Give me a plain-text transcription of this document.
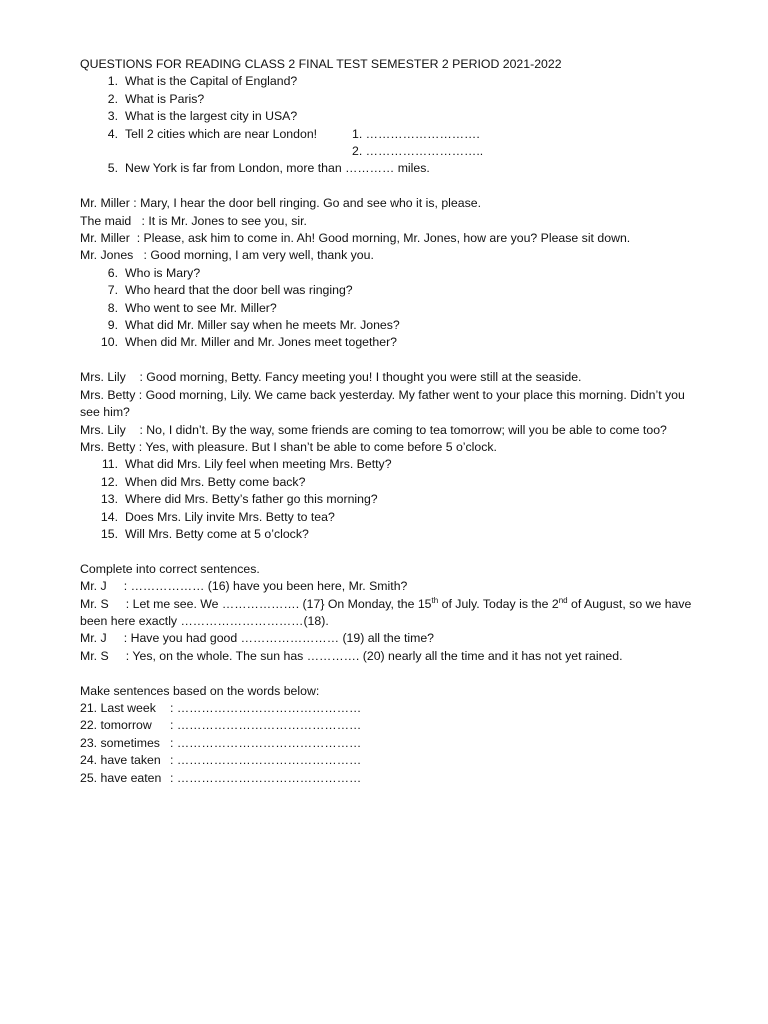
QUESTIONS FOR READING CLASS 2 FINAL TEST SEMESTER 2 PERIOD 2021-2022
1. What is the Capital of England?
2. What is Paris?
3. What is the largest city in USA?
4. Tell 2 cities which are near London!	1. ……………………….

2. ………………………..
5. New York is far from London, more than ………… miles.
Mr. Miller : Mary, I hear the door bell ringing. Go and see who it is, please.
The maid   : It is Mr. Jones to see you, sir.
Mr. Miller  : Please, ask him to come in. Ah! Good morning, Mr. Jones, how are you? Please sit down.
Mr. Jones   : Good morning, I am very well, thank you.
6. Who is Mary?
7. Who heard that the door bell was ringing?
8. Who went to see Mr. Miller?
9. What did Mr. Miller say when he meets Mr. Jones?
10. When did Mr. Miller and Mr. Jones meet together?
Mrs. Lily    : Good morning, Betty. Fancy meeting you! I thought you were still at the seaside.
Mrs. Betty : Good morning, Lily. We came back yesterday. My father went to your place this morning. Didn’t you see him?
Mrs. Lily    : No, I didn’t. By the way, some friends are coming to tea tomorrow; will you be able to come too?
Mrs. Betty : Yes, with pleasure. But I shan’t be able to come before 5 o’clock.
11. What did Mrs. Lily feel when meeting Mrs. Betty?
12. When did Mrs. Betty come back?
13. Where did Mrs. Betty’s father go this morning?
14. Does Mrs. Lily invite Mrs. Betty to tea?
15. Will Mrs. Betty come at 5 o’clock?
Complete into correct sentences.
Mr. J     : ……………… (16) have you been here, Mr. Smith?
Mr. S     : Let me see. We ………………. (17} On Monday, the 15th of July. Today is the 2nd of August, so we have
been here exactly …………………………(18).
Mr. J     : Have you had good …………………… (19) all the time?
Mr. S     : Yes, on the whole. The sun has …………. (20) nearly all the time and it has not yet rained.
Make sentences based on the words below:
21. Last week : ………………………………………
22. tomorrow : ………………………………………
23. sometimes : ………………………………………
24. have taken : ………………………………………
25. have eaten : ………………………………………
